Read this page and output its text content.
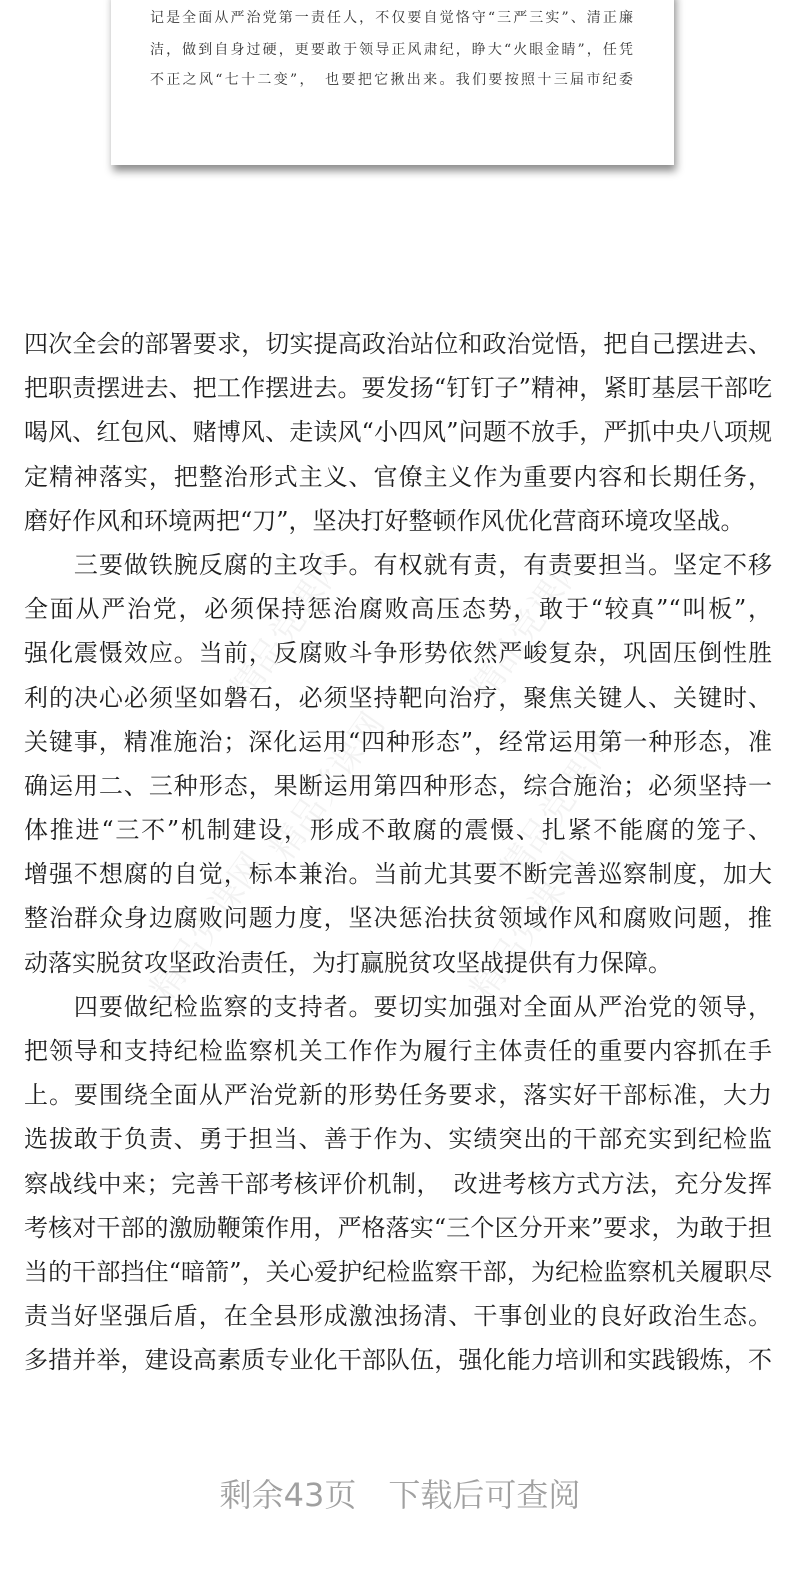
记是全面从严治党第一责任人，不仅要自觉恪守“三严三实”、清正廉
洁，做到自身过硬，更要敢于领导正风肃纪，睁大“火眼金睛”，任凭
不正之风“七十二变”，　也要把它揪出来。我们要按照十三届市纪委
精品党课网	精品党课网
精品党课网	精品党课网
精品党课网	精品党课网
四次全会的部署要求，切实提高政治站位和政治觉悟，把自己摆进去、
把职责摆进去、把工作摆进去。要发扬“钉钉子”精神，紧盯基层干部吃
喝风、红包风、赌博风、走读风“小四风”问题不放手，严抓中央八项规
定精神落实，把整治形式主义、官僚主义作为重要内容和长期任务，
磨好作风和环境两把“刀”，坚决打好整顿作风优化营商环境攻坚战。
　　三要做铁腕反腐的主攻手。有权就有责，有责要担当。坚定不移
全面从严治党，必须保持惩治腐败高压态势，敢于“较真”“叫板”，
强化震慑效应。当前，反腐败斗争形势依然严峻复杂，巩固压倒性胜
利的决心必须坚如磐石，必须坚持靶向治疗，聚焦关键人、关键时、
关键事，精准施治；深化运用“四种形态”，经常运用第一种形态，准
确运用二、三种形态，果断运用第四种形态，综合施治；必须坚持一
体推进“三不”机制建设，形成不敢腐的震慑、扎紧不能腐的笼子、
增强不想腐的自觉，标本兼治。当前尤其要不断完善巡察制度，加大
整治群众身边腐败问题力度，坚决惩治扶贫领域作风和腐败问题，推
动落实脱贫攻坚政治责任，为打赢脱贫攻坚战提供有力保障。
　　四要做纪检监察的支持者。要切实加强对全面从严治党的领导，
把领导和支持纪检监察机关工作作为履行主体责任的重要内容抓在手
上。要围绕全面从严治党新的形势任务要求，落实好干部标准，大力
选拔敢于负责、勇于担当、善于作为、实绩突出的干部充实到纪检监
察战线中来；完善干部考核评价机制，　改进考核方式方法，充分发挥
考核对干部的激励鞭策作用，严格落实“三个区分开来”要求，为敢于担
当的干部挡住“暗箭”，关心爱护纪检监察干部，为纪检监察机关履职尽
责当好坚强后盾，在全县形成激浊扬清、干事创业的良好政治生态。
多措并举，建设高素质专业化干部队伍，强化能力培训和实践锻炼，不
剩余43页 下载后可查阅
